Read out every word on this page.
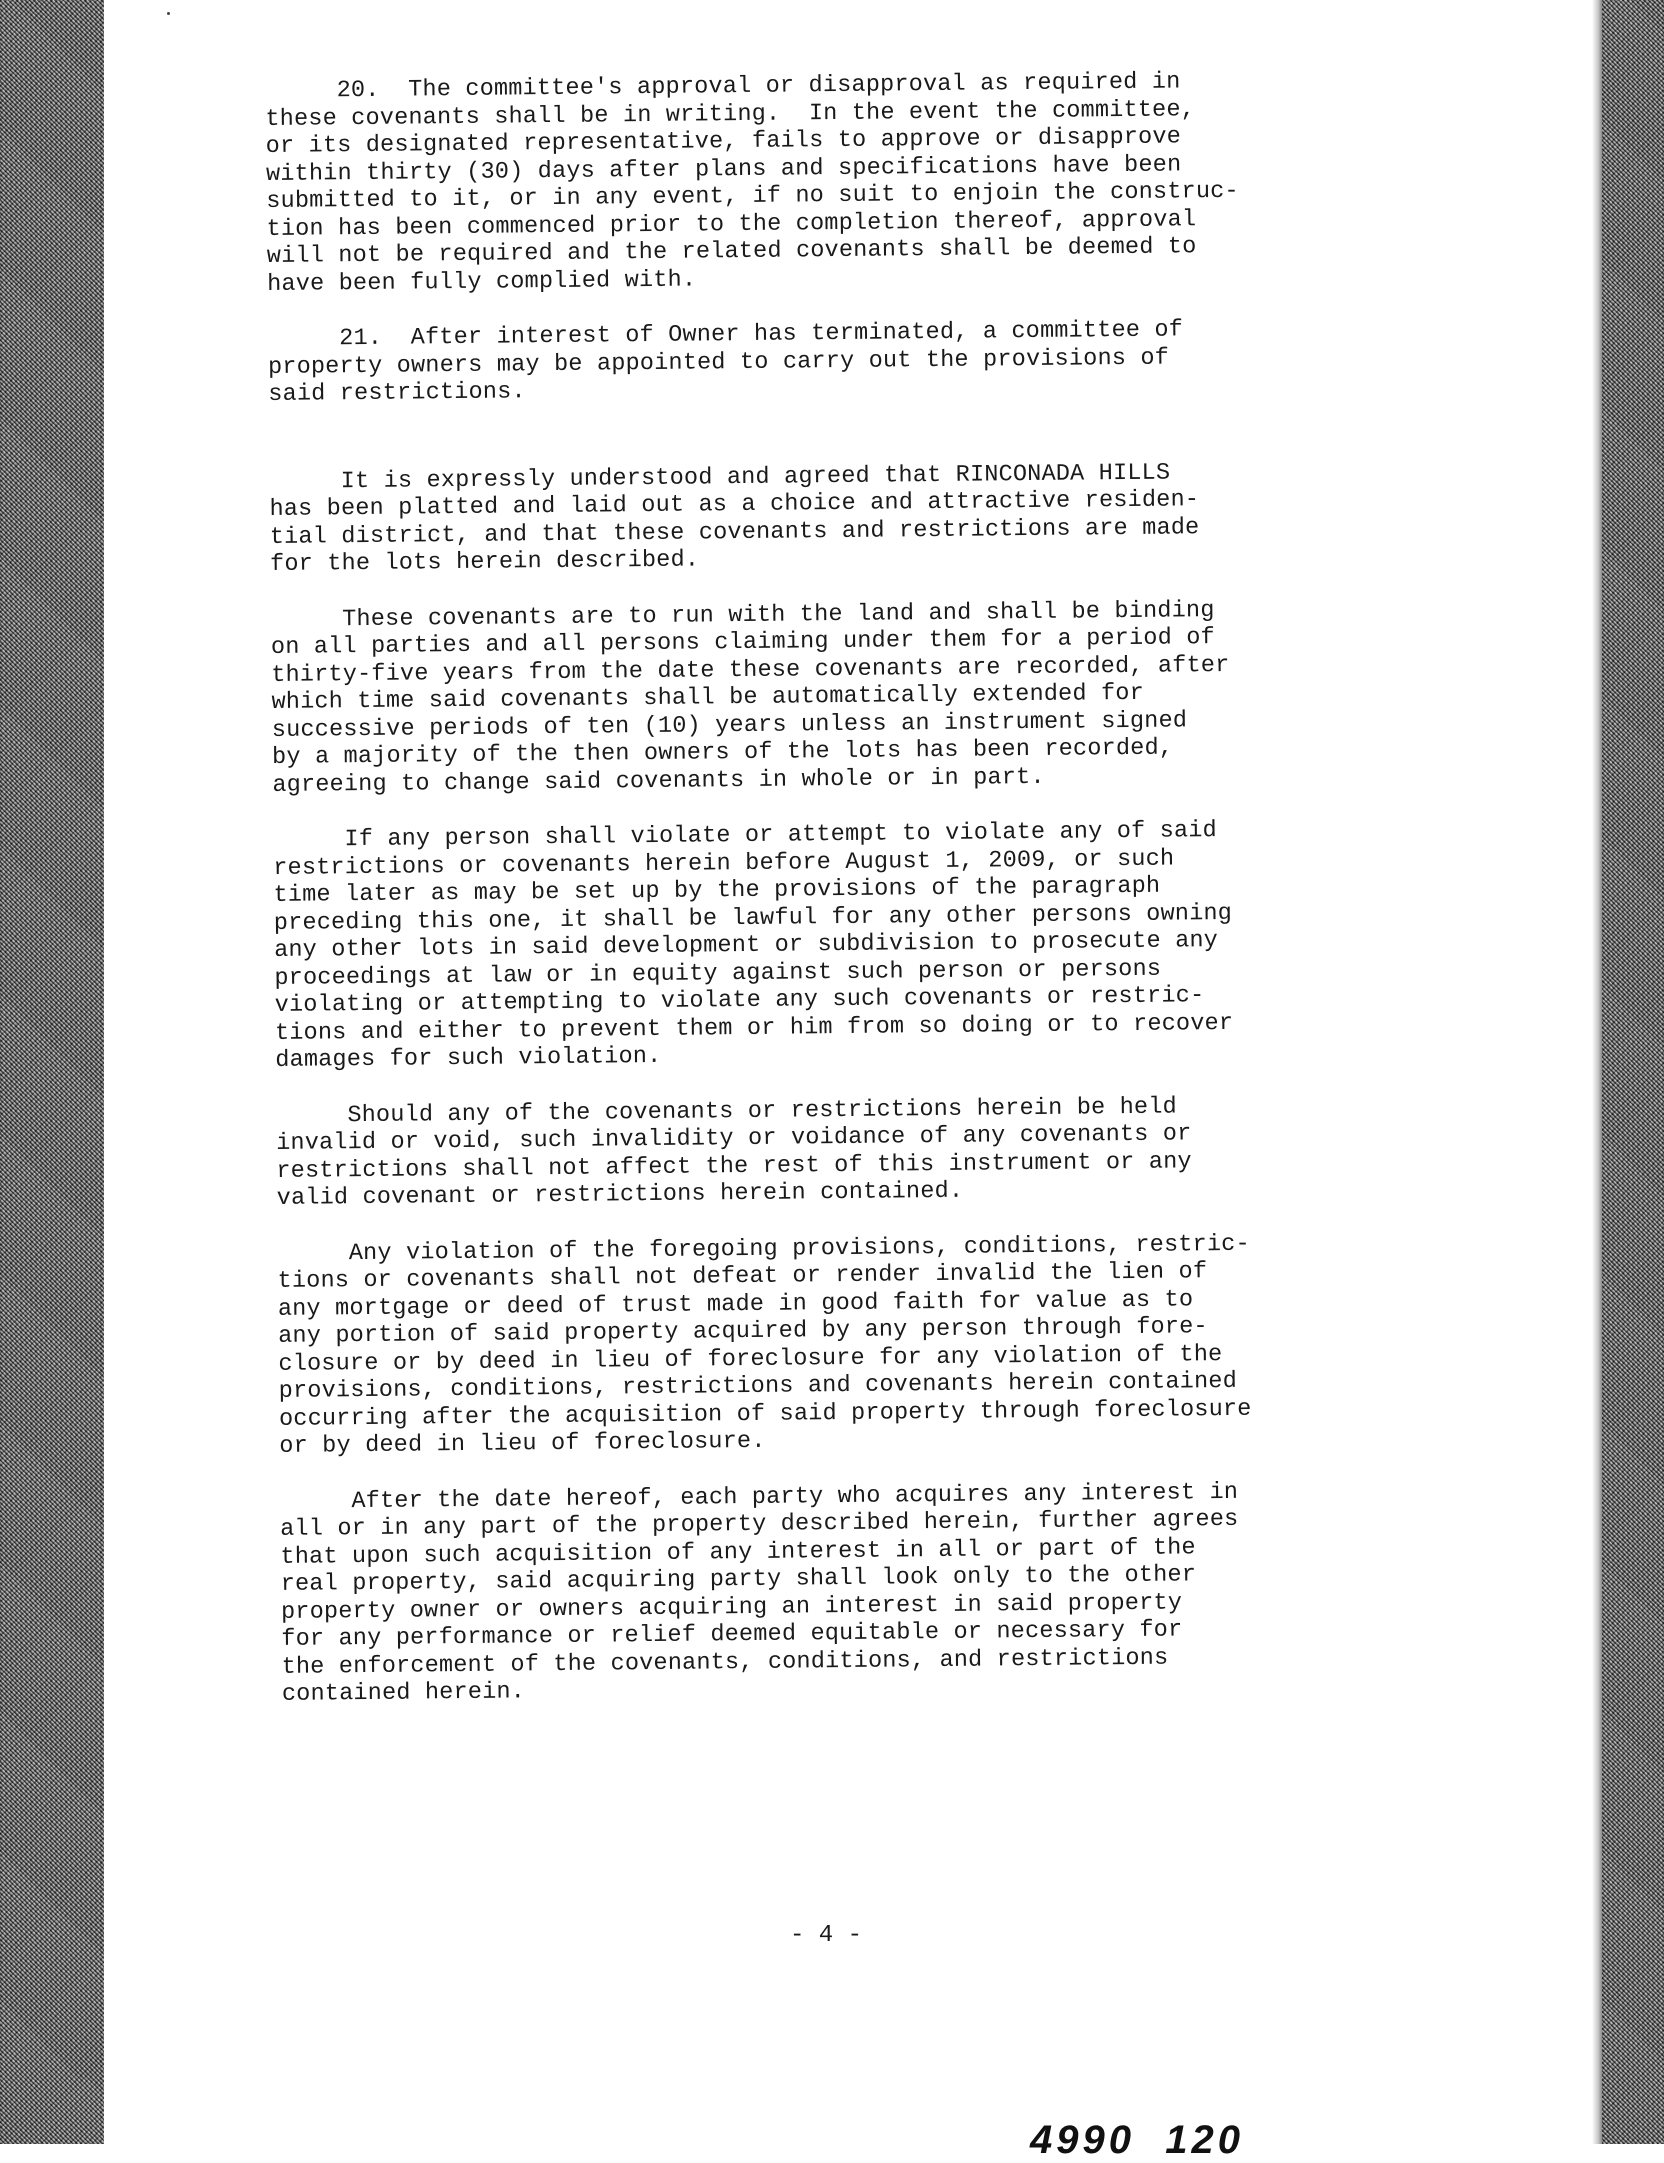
20.  The committee's approval or disapproval as required in
these covenants shall be in writing.  In the event the committee,
or its designated representative, fails to approve or disapprove
within thirty (30) days after plans and specifications have been
submitted to it, or in any event, if no suit to enjoin the construc-
tion has been commenced prior to the completion thereof, approval
will not be required and the related covenants shall be deemed to
have been fully complied with.

21.  After interest of Owner has terminated, a committee of
property owners may be appointed to carry out the provisions of
said restrictions.

It is expressly understood and agreed that RINCONADA HILLS
has been platted and laid out as a choice and attractive residen-
tial district, and that these covenants and restrictions are made
for the lots herein described.

These covenants are to run with the land and shall be binding
on all parties and all persons claiming under them for a period of
thirty-five years from the date these covenants are recorded, after
which time said covenants shall be automatically extended for
successive periods of ten (10) years unless an instrument signed
by a majority of the then owners of the lots has been recorded,
agreeing to change said covenants in whole or in part.

If any person shall violate or attempt to violate any of said
restrictions or covenants herein before August 1, 2009, or such
time later as may be set up by the provisions of the paragraph
preceding this one, it shall be lawful for any other persons owning
any other lots in said development or subdivision to prosecute any
proceedings at law or in equity against such person or persons
violating or attempting to violate any such covenants or restric-
tions and either to prevent them or him from so doing or to recover
damages for such violation.

Should any of the covenants or restrictions herein be held
invalid or void, such invalidity or voidance of any covenants or
restrictions shall not affect the rest of this instrument or any
valid covenant or restrictions herein contained.

Any violation of the foregoing provisions, conditions, restric-
tions or covenants shall not defeat or render invalid the lien of
any mortgage or deed of trust made in good faith for value as to
any portion of said property acquired by any person through fore-
closure or by deed in lieu of foreclosure for any violation of the
provisions, conditions, restrictions and covenants herein contained
occurring after the acquisition of said property through foreclosure
or by deed in lieu of foreclosure.

After the date hereof, each party who acquires any interest in
all or in any part of the property described herein, further agrees
that upon such acquisition of any interest in all or part of the
real property, said acquiring party shall look only to the other
property owner or owners acquiring an interest in said property
for any performance or relief deemed equitable or necessary for
the enforcement of the covenants, conditions, and restrictions
contained herein.

- 4 -
4990  120
